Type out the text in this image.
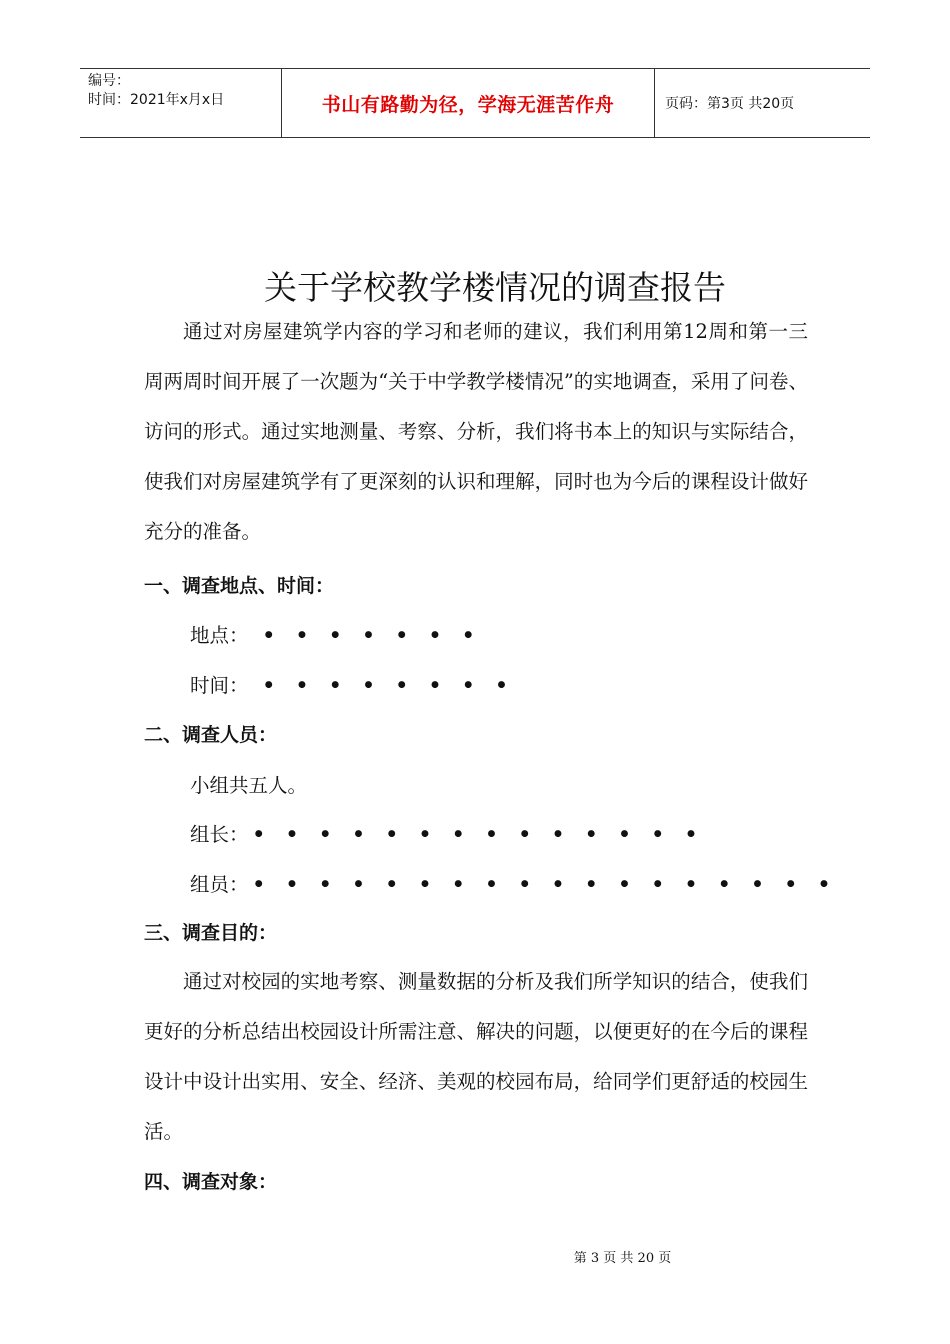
编号：
时间：2021年x月x日	书山有路勤为径，学海无涯苦作舟	页码：第3页 共20页
关于学校教学楼情况的调查报告
通过对房屋建筑学内容的学习和老师的建议，我们利用第12周和第一三周两周时间开展了一次题为“关于中学教学楼情况”的实地调查，采用了问卷、访问的形式。通过实地测量、考察、分析，我们将书本上的知识与实际结合，使我们对房屋建筑学有了更深刻的认识和理解，同时也为今后的课程设计做好充分的准备。
一、调查地点、时间：
地点： • • • • • • •
时间： • • • • • • • •
二、调查人员：
小组共五人。
组长： • • • • • • • • • • • • • •
组员： • • • • • • • • • • • • • • • • • •
三、调查目的：
通过对校园的实地考察、测量数据的分析及我们所学知识的结合，使我们更好的分析总结出校园设计所需注意、解决的问题，以便更好的在今后的课程设计中设计出实用、安全、经济、美观的校园布局，给同学们更舒适的校园生活。
四、调查对象：
第 3 页 共 20 页
